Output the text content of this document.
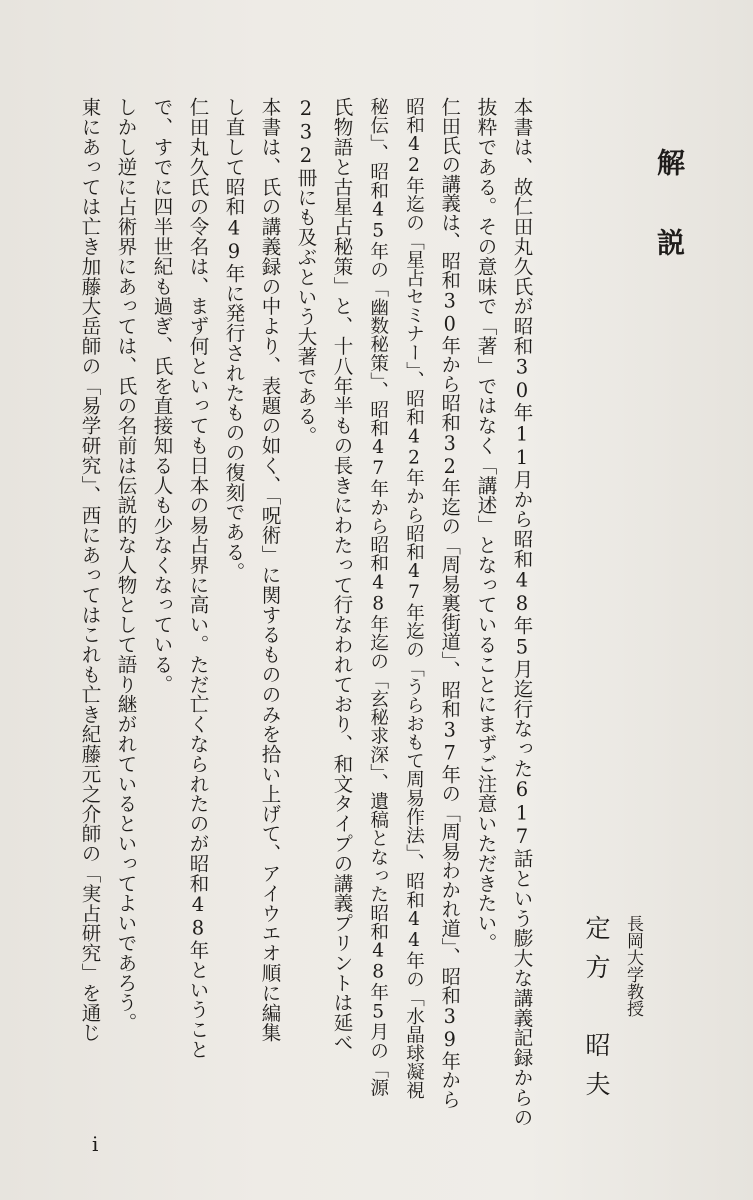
解
説
長岡大学教授
定方　昭夫
本書は、故仁田丸久氏が昭和30年11月から昭和48年5月迄行なった617話という膨大な講義記録からの
抜粋である。その意味で「著」ではなく「講述」となっていることにまずご注意いただきたい。
仁田氏の講義は、昭和30年から昭和32年迄の「周易裏街道」、昭和37年の「周易わかれ道」、昭和39年から
昭和42年迄の「星占セミナー」、昭和42年から昭和47年迄の「うらおもて周易作法」、昭和44年の「水晶球凝視
秘伝」、昭和45年の「幽数秘策」、昭和47年から昭和48年迄の「玄秘求深」、遺稿となった昭和48年5月の「源
氏物語と古星占秘策」と、十八年半もの長きにわたって行なわれており、和文タイプの講義プリントは延べ
232冊にも及ぶという大著である。
本書は、氏の講義録の中より、表題の如く、「呪術」に関するもののみを拾い上げて、アイウエオ順に編集
し直して昭和49年に発行されたものの復刻である。
仁田丸久氏の令名は、まず何といっても日本の易占界に高い。ただ亡くなられたのが昭和48年ということ
で、すでに四半世紀も過ぎ、氏を直接知る人も少なくなっている。
しかし逆に占術界にあっては、氏の名前は伝説的な人物として語り継がれているといってよいであろう。
東にあっては亡き加藤大岳師の「易学研究」、西にあってはこれも亡き紀藤元之介師の「実占研究」を通じ
i
